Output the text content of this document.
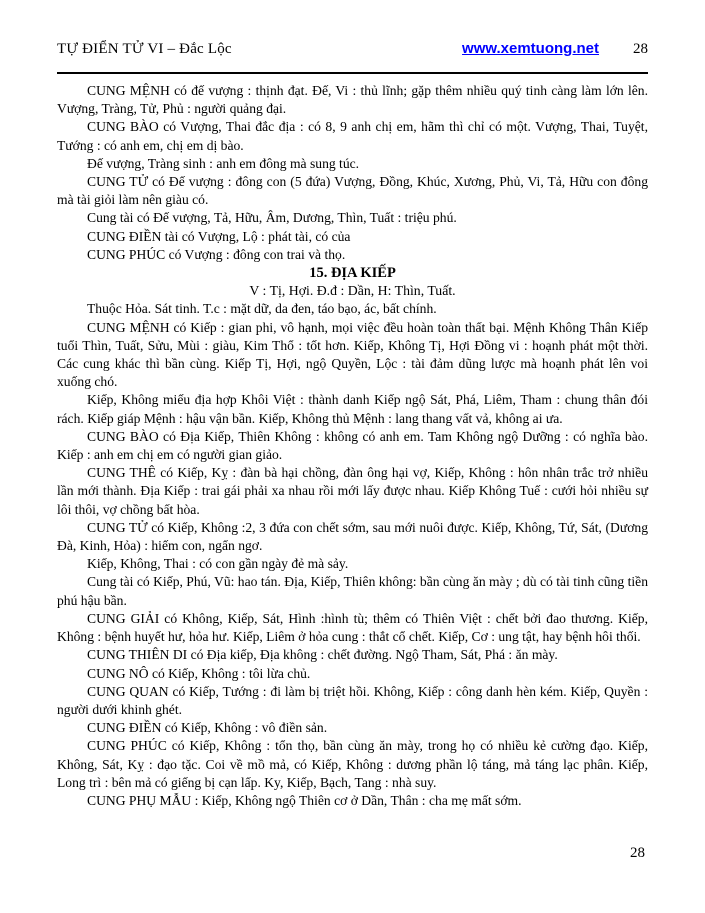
TỰ ĐIỂN TỬ VI – Đắc Lộc	www.xemtuong.net 28

CUNG MỆNH có đế vượng : thịnh đạt. Đế, Vi : thủ lĩnh; gặp thêm nhiều quý tinh càng làm lớn lên. Vượng, Tràng, Tử, Phủ : người quảng đại.

CUNG BÀO có Vượng, Thai đắc địa : có 8, 9 anh chị em, hãm thì chỉ có một. Vượng, Thai, Tuyệt, Tướng : có anh em, chị em dị bào.

Đế vượng, Tràng sinh : anh em đông mà sung túc.

CUNG TỬ có Đế vượng : đông con (5 đứa) Vượng, Đồng, Khúc, Xương, Phủ, Vi, Tả, Hữu con đông mà tài giỏi làm nên giàu có.

Cung tài có Đế vượng, Tả, Hữu, Âm, Dương, Thìn, Tuất : triệu phú.

CUNG ĐIỀN tài có Vượng, Lộ : phát tài, có của

CUNG PHÚC có Vượng : đông con trai và thọ.

15. ĐỊA KIẾP
V : Tị, Hợi. Đ.đ : Dần, H: Thìn, Tuất.

Thuộc Hỏa. Sát tinh. T.c : mặt dữ, da đen, táo bạo, ác, bất chính.

CUNG MỆNH có Kiếp : gian phi, vô hạnh, mọi việc đều hoàn toàn thất bại. Mệnh Không Thân Kiếp tuổi Thìn, Tuất, Sửu, Mùi : giàu, Kim Thổ : tốt hơn. Kiếp, Không Tị, Hợi Đồng vi : hoạnh phát một thời. Các cung khác thì bần cùng. Kiếp Tị, Hợi, ngộ Quyền, Lộc : tài đảm dũng lược mà hoạnh phát lên voi xuống chó.

Kiếp, Không miếu địa hợp Khôi Việt : thành danh Kiếp ngộ Sát, Phá, Liêm, Tham : chung thân đói rách. Kiếp giáp Mệnh : hậu vận bần. Kiếp, Không thủ Mệnh : lang thang vất vả, không ai ưa.

CUNG BÀO có Địa Kiếp, Thiên Không : không có anh em. Tam Không ngộ Dưỡng : có nghĩa bào. Kiếp : anh em chị em có người gian giảo.

CUNG THÊ có Kiếp, Kỵ : đàn bà hại chồng, đàn ông hại vợ, Kiếp, Không : hôn nhân trắc trở nhiều lần mới thành. Địa Kiếp : trai gái phải xa nhau rồi mới lấy được nhau. Kiếp Không Tuế : cưới hỏi nhiều sự lôi thôi, vợ chồng bất hòa.

CUNG TỬ có Kiếp, Không :2, 3 đứa con chết sớm, sau mới nuôi được. Kiếp, Không, Tứ, Sát, (Dương Đà, Kinh, Hỏa) : hiếm con, ngẩn ngơ.

Kiếp, Không, Thai : có con gần ngày đẻ mà sảy.

Cung tài có Kiếp, Phú, Vũ: hao tán. Địa, Kiếp, Thiên không: bần cùng ăn mày ; dù có tài tinh cũng tiền phú hậu bần.

CUNG GIẢI có Không, Kiếp, Sát, Hình :hình tù; thêm có Thiên Việt : chết bởi đao thương. Kiếp, Không : bệnh huyết hư, hỏa hư. Kiếp, Liêm ở hỏa cung : thắt cổ chết. Kiếp, Cơ : ung tật, hay bệnh hôi thối.

CUNG THIÊN DI có Địa kiếp, Địa không : chết đường. Ngộ Tham, Sát, Phá : ăn mày.

CUNG NÔ có Kiếp, Không : tôi lừa chủ.

CUNG QUAN có Kiếp, Tướng : đi làm bị triệt hồi. Không, Kiếp : công danh hèn kém. Kiếp, Quyền : người dưới khinh ghét.

CUNG ĐIỀN có Kiếp, Không : vô điền sản.

CUNG PHÚC có Kiếp, Không : tổn thọ, bần cùng ăn mày, trong họ có nhiều kẻ cường đạo. Kiếp, Không, Sát, Kỵ : đạo tặc. Coi về mồ mả, có Kiếp, Không : dương phần lộ táng, mả táng lạc phân. Kiếp, Long trì : bên mả có giếng bị cạn lấp. Ky, Kiếp, Bạch, Tang : nhà suy.

CUNG PHỤ MẪU : Kiếp, Không ngộ Thiên cơ ở Dần, Thân : cha mẹ mất sớm.

28
